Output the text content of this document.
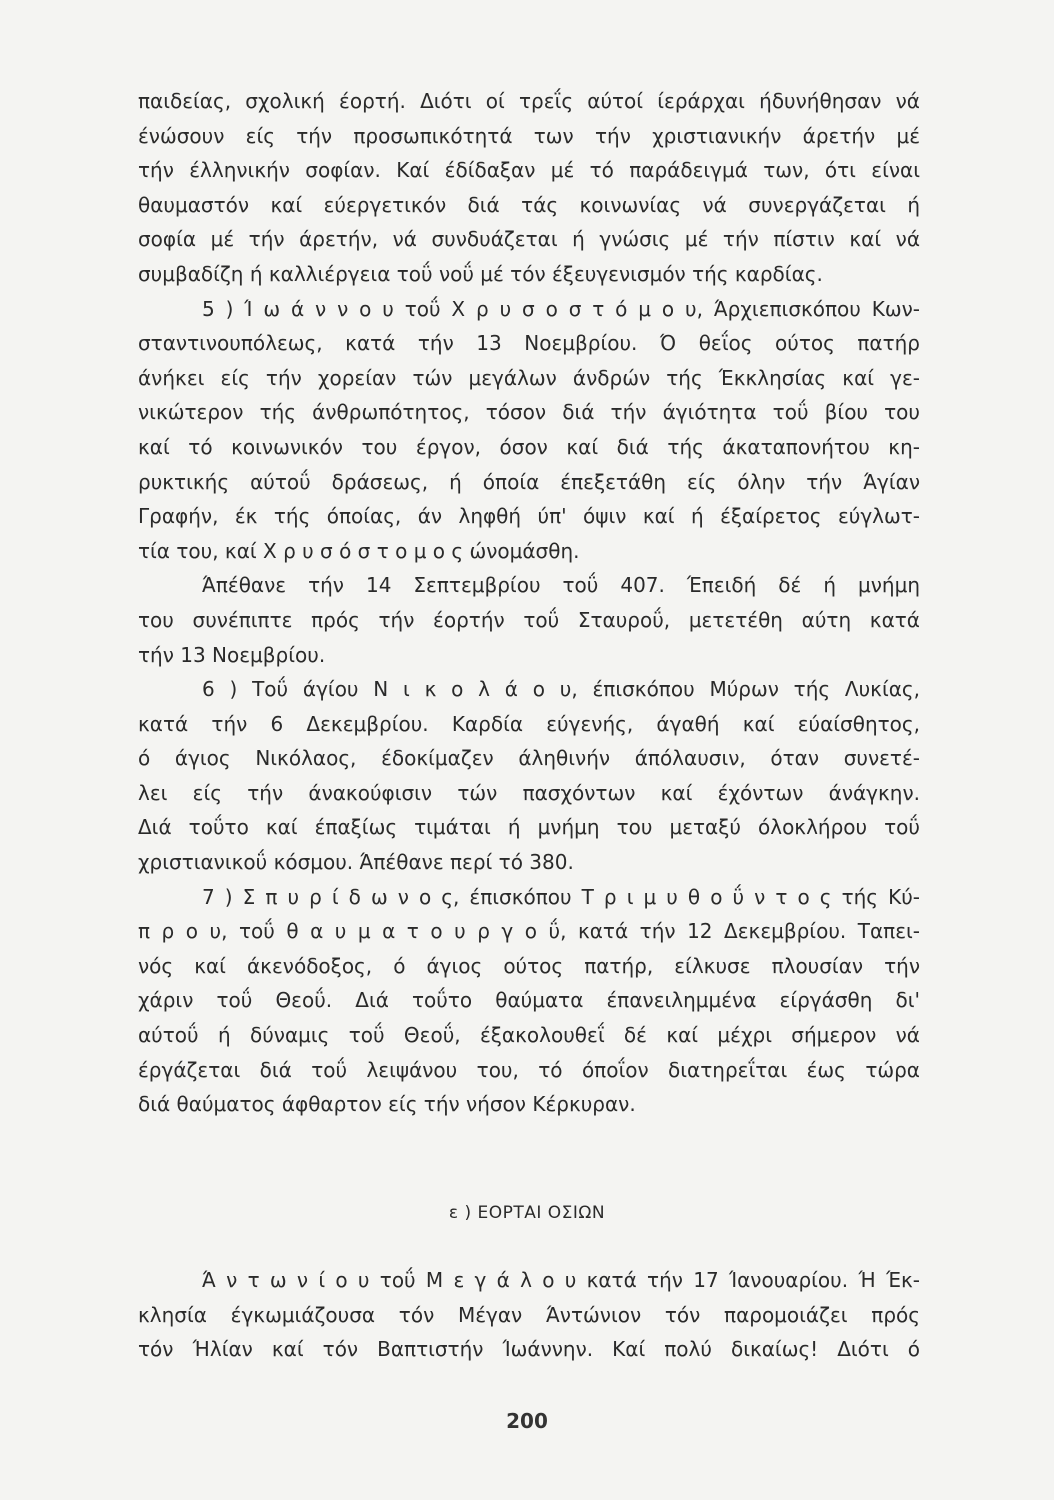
παιδείας, σχολική έορτή. Διότι οί τρεΐς αύτοί ίεράρχαι ήδυνήθησαν νά
ένώσουν είς τήν προσωπικότητά των τήν χριστιανικήν άρετήν μέ
τήν έλληνικήν σοφίαν. Καί έδίδαξαν μέ τό παράδειγμά των, ότι είναι
θαυμαστόν καί εύεργετικόν διά τάς κοινωνίας νά συνεργάζεται ή
σοφία μέ τήν άρετήν, νά συνδυάζεται ή γνώσις μέ τήν πίστιν καί νά
συμβαδίζη ή καλλιέργεια τοΰ νοΰ μέ τόν έξευγενισμόν τής καρδίας.
5 ) Ί ω ά ν ν ο υ τοΰ Χ ρ υ σ ο σ τ ό μ ο υ, Άρχιεπισκόπου Κων-
σταντινουπόλεως, κατά τήν 13 Νοεμβρίου. Ό θεΐος ούτος πατήρ
άνήκει είς τήν χορείαν τών μεγάλων άνδρών τής Έκκλησίας καί γε-
νικώτερον τής άνθρωπότητος, τόσον διά τήν άγιότητα τοΰ βίου του
καί τό κοινωνικόν του έργον, όσον καί διά τής άκαταπονήτου κη-
ρυκτικής αύτοΰ δράσεως, ή όποία έπεξετάθη είς όλην τήν Άγίαν
Γραφήν, έκ τής όποίας, άν ληφθή ύπ' όψιν καί ή έξαίρετος εύγλωτ-
τία του, καί Χ ρ υ σ ό σ τ ο μ ο ς ώνομάσθη.
Άπέθανε τήν 14 Σεπτεμβρίου τοΰ 407. Έπειδή δέ ή μνήμη
του συνέπιπτε πρός τήν έορτήν τοΰ Σταυροΰ, μετετέθη αύτη κατά
τήν 13 Νοεμβρίου.
6 ) Τοΰ άγίου Ν ι κ ο λ ά ο υ, έπισκόπου Μύρων τής Λυκίας,
κατά τήν 6 Δεκεμβρίου. Καρδία εύγενής, άγαθή καί εύαίσθητος,
ό άγιος Νικόλαος, έδοκίμαζεν άληθινήν άπόλαυσιν, όταν συνετέ-
λει είς τήν άνακούφισιν τών πασχόντων καί έχόντων άνάγκην.
Διά τοΰτο καί έπαξίως τιμάται ή μνήμη του μεταξύ όλοκλήρου τοΰ
χριστιανικοΰ κόσμου. Άπέθανε περί τό 380.
7 ) Σ π υ ρ ί δ ω ν ο ς, έπισκόπου Τ ρ ι μ υ θ ο ΰ ν τ ο ς τής Κύ-
π ρ ο υ, τοΰ θ α υ μ α τ ο υ ρ γ ο ΰ, κατά τήν 12 Δεκεμβρίου. Ταπει-
νός καί άκενόδοξος, ό άγιος ούτος πατήρ, είλκυσε πλουσίαν τήν
χάριν τοΰ Θεοΰ. Διά τοΰτο θαύματα έπανειλημμένα είργάσθη δι'
αύτοΰ ή δύναμις τοΰ Θεοΰ, έξακολουθεΐ δέ καί μέχρι σήμερον νά
έργάζεται διά τοΰ λειψάνου του, τό όποΐον διατηρεΐται έως τώρα
διά θαύματος άφθαρτον είς τήν νήσον Κέρκυραν.
ε ) ΕΟΡΤΑΙ ΟΣΙΩΝ
Ά ν τ ω ν ί ο υ τοΰ Μ ε γ ά λ ο υ κατά τήν 17 Ίανουαρίου. Ή Έκ-
κλησία έγκωμιάζουσα τόν Μέγαν Άντώνιον τόν παρομοιάζει πρός
τόν Ήλίαν καί τόν Βαπτιστήν Ίωάννην. Καί πολύ δικαίως! Διότι ό
200
